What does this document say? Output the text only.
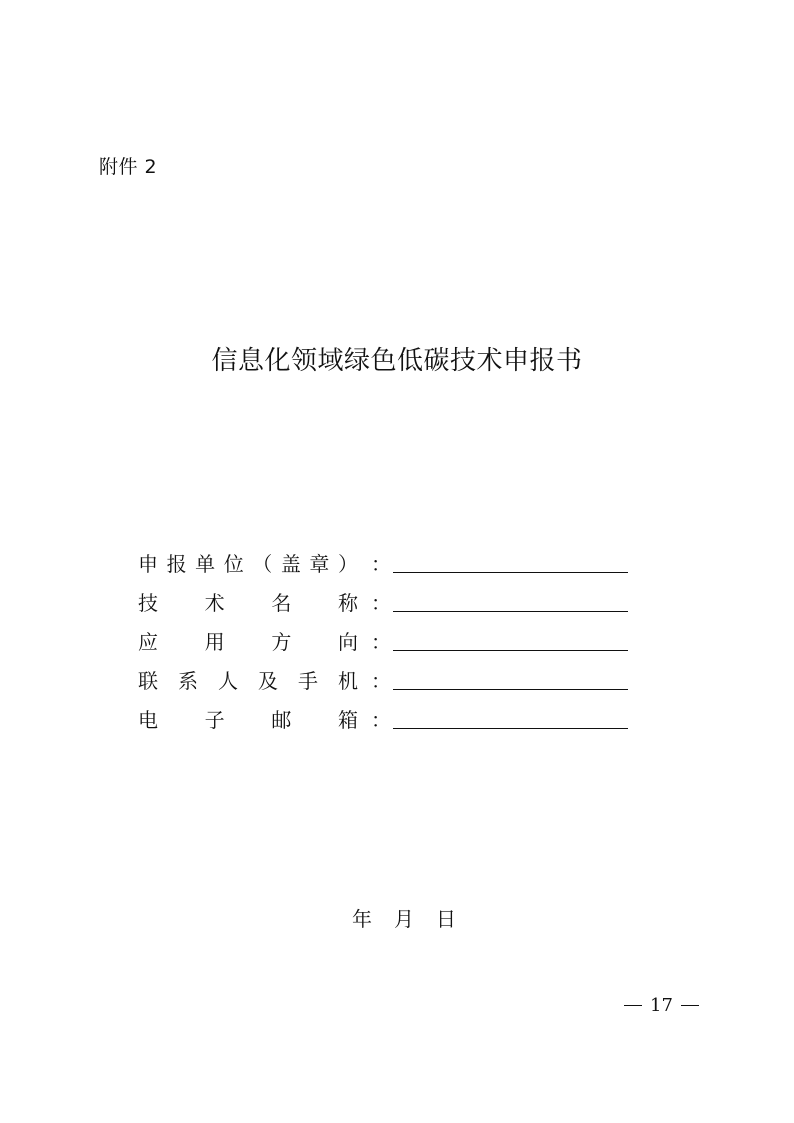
附件 2
信息化领域绿色低碳技术申报书
申 报 单 位 （ 盖 章 ） ：
技 术 名 称 ：
应 用 方 向 ：
联 系 人 及 手 机 ：
电 子 邮 箱 ：
年 月 日
17
